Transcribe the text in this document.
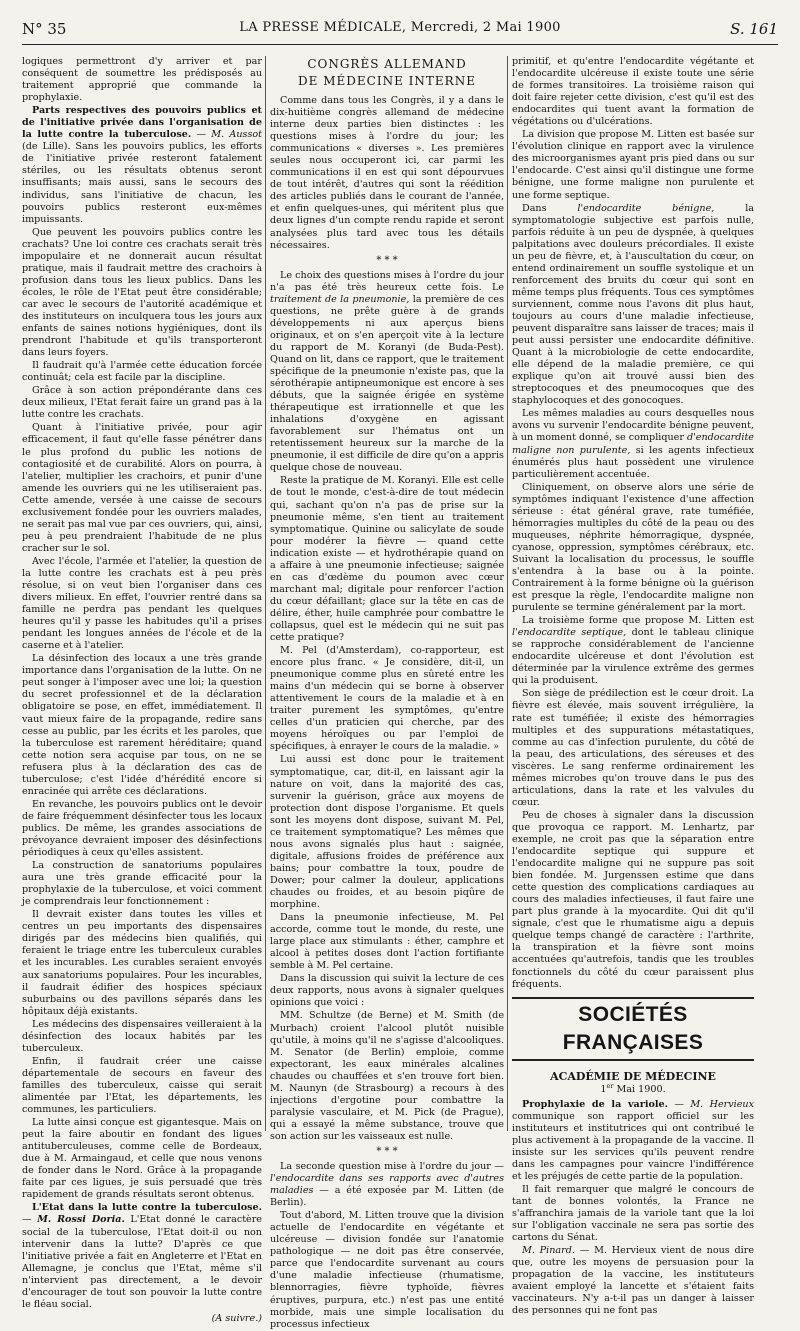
N° 35	LA PRESSE MÉDICALE, Mercredi, 2 Mai 1900	S. 161

logiques permettront d'y arriver et par conséquent de soumettre les prédisposés au traitement approprié que commande la prophylaxie.

Parts respectives des pouvoirs publics et de l'initiative privée dans l'organisation de la lutte contre la tuberculose. — M. Aussot (de Lille). Sans les pouvoirs publics, les efforts de l'initiative privée resteront fatalement stériles, ou les résultats obtenus seront insuffisants; mais aussi, sans le secours des individus, sans l'initiative de chacun, les pouvoirs publics resteront eux-mêmes impuissants.

Que peuvent les pouvoirs publics contre les crachats? Une loi contre ces crachats serait très impopulaire et ne donnerait aucun résultat pratique, mais il faudrait mettre des crachoirs à profusion dans tous les lieux publics. Dans les écoles, le rôle de l'Etat peut être considérable; car avec le secours de l'autorité académique et des instituteurs on inculquera tous les jours aux enfants de saines notions hygiéniques, dont ils prendront l'habitude et qu'ils transporteront dans leurs foyers.

Il faudrait qu'à l'armée cette éducation forcée continuât; cela est facile par la discipline.

Grâce à son action prépondérante dans ces deux milieux, l'Etat ferait faire un grand pas à la lutte contre les crachats.

Quant à l'initiative privée, pour agir efficacement, il faut qu'elle fasse pénétrer dans le plus profond du public les notions de contagiosité et de curabilité. Alors on pourra, à l'atelier, multiplier les crachoirs, et punir d'une amende les ouvriers qui ne les utiliseraient pas. Cette amende, versée à une caisse de secours exclusivement fondée pour les ouvriers malades, ne serait pas mal vue par ces ouvriers, qui, ainsi, peu à peu prendraient l'habitude de ne plus cracher sur le sol.

Avec l'école, l'armée et l'atelier, la question de la lutte contre les crachats est à peu près résolue, si on veut bien l'organiser dans ces divers milieux. En effet, l'ouvrier rentré dans sa famille ne perdra pas pendant les quelques heures qu'il y passe les habitudes qu'il a prises pendant les longues années de l'école et de la caserne et à l'atelier.

La désinfection des locaux a une très grande importance dans l'organisation de la lutte. On ne peut songer à l'imposer avec une loi; la question du secret professionnel et de la déclaration obligatoire se pose, en effet, immédiatement. Il vaut mieux faire de la propagande, redire sans cesse au public, par les écrits et les paroles, que la tuberculose est rarement héréditaire; quand cette notion sera acquise par tous, on ne se refusera plus à la déclaration des cas de tuberculose; c'est l'idée d'hérédité encore si enracinée qui arrête ces déclarations.

En revanche, les pouvoirs publics ont le devoir de faire fréquemment désinfecter tous les locaux publics. De même, les grandes associations de prévoyance devraient imposer des désinfections périodiques à ceux qu'elles assistent.

La construction de sanatoriums populaires aura une très grande efficacité pour la prophylaxie de la tuberculose, et voici comment je comprendrais leur fonctionnement :

Il devrait exister dans toutes les villes et centres un peu importants des dispensaires dirigés par des médecins bien qualifiés, qui feraient le triage entre les tuberculeux curables et les incurables. Les curables seraient envoyés aux sanatoriums populaires. Pour les incurables, il faudrait édifier des hospices spéciaux suburbains ou des pavillons séparés dans les hôpitaux déjà existants.

Les médecins des dispensaires veilleraient à la désinfection des locaux habités par les tuberculeux.

Enfin, il faudrait créer une caisse départementale de secours en faveur des familles des tuberculeux, caisse qui serait alimentée par l'Etat, les départements, les communes, les particuliers.

La lutte ainsi conçue est gigantesque. Mais on peut la faire aboutir en fondant des ligues antituberculeuses, comme celle de Bordeaux, due à M. Armaingaud, et celle que nous venons de fonder dans le Nord. Grâce à la propagande faite par ces ligues, je suis persuadé que très rapidement de grands résultats seront obtenus.

L'Etat dans la lutte contre la tuberculose. — M. Rossi Doria. L'Etat donné le caractère social de la tuberculose, l'Etat doit-il ou non intervenir dans la lutte? D'après ce que l'initiative privée a fait en Angleterre et l'Etat en Allemagne, je conclus que l'Etat, même s'il n'intervient pas directement, a le devoir d'encourager de tout son pouvoir la lutte contre le fléau social.

(A suivre.)
CONGRÈS ALLEMAND
DE MÉDECINE INTERNE

Comme dans tous les Congrès, il y a dans le dix-huitième congrès allemand de médecine interne deux parties bien distinctes : les questions mises à l'ordre du jour; les communications « diverses ». Les premières seules nous occuperont ici, car parmi les communications il en est qui sont dépourvues de tout intérêt, d'autres qui sont la réédition des articles publiés dans le courant de l'année, et enfin quelques-unes, qui méritent plus que deux lignes d'un compte rendu rapide et seront analysées plus tard avec tous les détails nécessaires.

* * *

Le choix des questions mises à l'ordre du jour n'a pas été très heureux cette fois. Le traitement de la pneumonie, la première de ces questions, ne prête guère à de grands développements ni aux aperçus biens originaux, et on s'en aperçoit vite à la lecture du rapport de M. Koranyi (de Buda-Pest). Quand on lit, dans ce rapport, que le traitement spécifique de la pneumonie n'existe pas, que la sérothérapie antipneumonique est encore à ses débuts, que la saignée érigée en système thérapeutique est irrationnelle et que les inhalations d'oxygène en agissant favorablement sur l'hématus ont un retentissement heureux sur la marche de la pneumonie, il est difficile de dire qu'on a appris quelque chose de nouveau.

Reste la pratique de M. Koranyi. Elle est celle de tout le monde, c'est-à-dire de tout médecin qui, sachant qu'on n'a pas de prise sur la pneumonie même, s'en tient au traitement symptomatique. Quinine ou salicylate de soude pour modérer la fièvre — quand cette indication existe — et hydrothérapie quand on a affaire à une pneumonie infectieuse; saignée en cas d'œdème du poumon avec cœur marchant mal; digitale pour renforcer l'action du cœur défaillant; glace sur la tête en cas de délire, éther, huile camphrée pour combattre le collapsus, quel est le médecin qui ne suit pas cette pratique?

M. Pel (d'Amsterdam), co-rapporteur, est encore plus franc. « Je considère, dit-il, un pneumonique comme plus en sûreté entre les mains d'un médecin qui se borne à observer attentivement le cours de la maladie et à en traiter purement les symptômes, qu'entre celles d'un praticien qui cherche, par des moyens héroïques ou par l'emploi de spécifiques, à enrayer le cours de la maladie. »

Lui aussi est donc pour le traitement symptomatique, car, dit-il, en laissant agir la nature on voit, dans la majorité des cas, survenir la guérison, grâce aux moyens de protection dont dispose l'organisme. Et quels sont les moyens dont dispose, suivant M. Pel, ce traitement symptomatique? Les mêmes que nous avons signalés plus haut : saignée, digitale, affusions froides de préférence aux bains; pour combattre la toux, poudre de Dower; pour calmer la douleur, applications chaudes ou froides, et au besoin piqûre de morphine.

Dans la pneumonie infectieuse, M. Pel accorde, comme tout le monde, du reste, une large place aux stimulants : éther, camphre et alcool à petites doses dont l'action fortifiante semble à M. Pel certaine.

Dans la discussion qui suivit la lecture de ces deux rapports, nous avons à signaler quelques opinions que voici :

MM. Schultze (de Berne) et M. Smith (de Murbach) croient l'alcool plutôt nuisible qu'utile, à moins qu'il ne s'agisse d'alcooliques. M. Senator (de Berlin) emploie, comme expectorant, les eaux minérales alcalines chaudes ou chauffées et s'en trouve fort bien. M. Naunyn (de Strasbourg) a recours à des injections d'ergotine pour combattre la paralysie vasculaire, et M. Pick (de Prague), qui a essayé la même substance, trouve que son action sur les vaisseaux est nulle.

* * *

La seconde question mise à l'ordre du jour — l'endocardite dans ses rapports avec d'autres maladies — a été exposée par M. Litten (de Berlin).

Tout d'abord, M. Litten trouve que la division actuelle de l'endocardite en végétante et ulcéreuse — division fondée sur l'anatomie pathologique — ne doit pas être conservée, parce que l'endocardite survenant au cours d'une maladie infectieuse (rhumatisme, blennorragies, fièvre typhoïde, fièvres éruptives, purpura, etc.) n'est pas une entité morbide, mais une simple localisation du processus infectieux

primitif, et qu'entre l'endocardite végétante et l'endocardite ulcéreuse il existe toute une série de formes transitoires. La troisième raison qui doit faire rejeter cette division, c'est qu'il est des endocardites qui tuent avant la formation de végétations ou d'ulcérations.

La division que propose M. Litten est basée sur l'évolution clinique en rapport avec la virulence des microorganismes ayant pris pied dans ou sur l'endocarde. C'est ainsi qu'il distingue une forme bénigne, une forme maligne non purulente et une forme septique.

Dans	l'endocardite bénigne,	la symptomatologie subjective est parfois nulle, parfois réduite à un peu de dyspnée, à quelques palpitations avec douleurs précordiales. Il existe un peu de fièvre, et, à l'auscultation du cœur, on entend ordinairement un souffle systolique et un renforcement des bruits du cœur qui sont en même temps plus fréquents. Tous ces symptômes surviennent, comme nous l'avons dit plus haut, toujours au cours d'une maladie infectieuse, peuvent disparaître sans laisser de traces; mais il peut aussi persister une endocardite définitive. Quant à la microbiologie de cette endocardite, elle dépend de la maladie première, ce qui explique qu'on ait trouvé aussi bien des streptocoques et des pneumocoques que des staphylocoques et des gonocoques.

Les mêmes maladies au cours desquelles nous avons vu survenir l'endocardite bénigne peuvent, à un moment donné, se compliquer d'endocardite maligne non purulente, si les agents infectieux énumérés plus haut possèdent une virulence particulièrement accentuée.

Cliniquement, on observe alors une série de symptômes indiquant l'existence d'une affection sérieuse : état général grave, rate tuméfiée, hémorragies multiples du côté de la peau ou des muqueuses, néphrite hémorragique, dyspnée, cyanose, oppression, symptômes cérébraux, etc. Suivant la localisation du processus, le souffle s'entendra à la base ou à la pointe. Contrairement à la forme bénigne où la guérison est presque la règle, l'endocardite maligne non purulente se termine généralement par la mort.

La troisième forme que propose M. Litten est l'endocardite septique, dont le tableau clinique se rapproche considérablement de l'ancienne endocardite ulcéreuse et dont l'évolution est déterminée par la virulence extrême des germes qui la produisent.

Son siège de prédilection est le cœur droit. La fièvre est élevée, mais souvent irrégulière, la rate est tuméfiée; il existe des hémorragies multiples et des suppurations métastatiques, comme au cas d'infection purulente, du côté de la peau, des articulations, des séreuses et des viscères. Le sang renferme ordinairement les mêmes microbes qu'on trouve dans le pus des articulations, dans la rate et les valvules du cœur.

Peu de choses à signaler dans la discussion que provoqua ce rapport. M. Lenhartz, par exemple, ne croit pas que la séparation entre l'endocardite septique qui suppure et l'endocardite maligne qui ne suppure pas soit bien fondée. M. Jurgenssen estime que dans cette question des complications cardiaques au cours des maladies infectieuses, il faut faire une part plus grande à la myocardite. Qui dit qu'il signale, c'est que le rhumatisme aigu a depuis quelque temps changé de caractère : l'arthrite, la transpiration et la fièvre sont moins accentuées qu'autrefois, tandis que les troubles fonctionnels du côté du cœur paraissent plus fréquents.

SOCIÉTÉS FRANÇAISES
ACADÉMIE DE MÉDECINE
1er Mai 1900.

Prophylaxie de la variole. — M. Hervieux communique son rapport officiel sur les instituteurs et institutrices qui ont contribué le plus activement à la propagande de la vaccine. Il insiste sur les services qu'ils peuvent rendre dans les campagnes pour vaincre l'indifférence et les préjugés de cette partie de la population.

Il fait remarquer que malgré le concours de tant de bonnes volontés, la France ne s'affranchira jamais de la variole tant que la loi sur l'obligation vaccinale ne sera pas sortie des cartons du Sénat.

M. Pinard. — M. Hervieux vient de nous dire que, outre les moyens de persuasion pour la propagation de la vaccine, les instituteurs avaient employé la lancette et s'étaient faits vaccinateurs. N'y a-t-il pas un danger à laisser des personnes qui ne font pas
